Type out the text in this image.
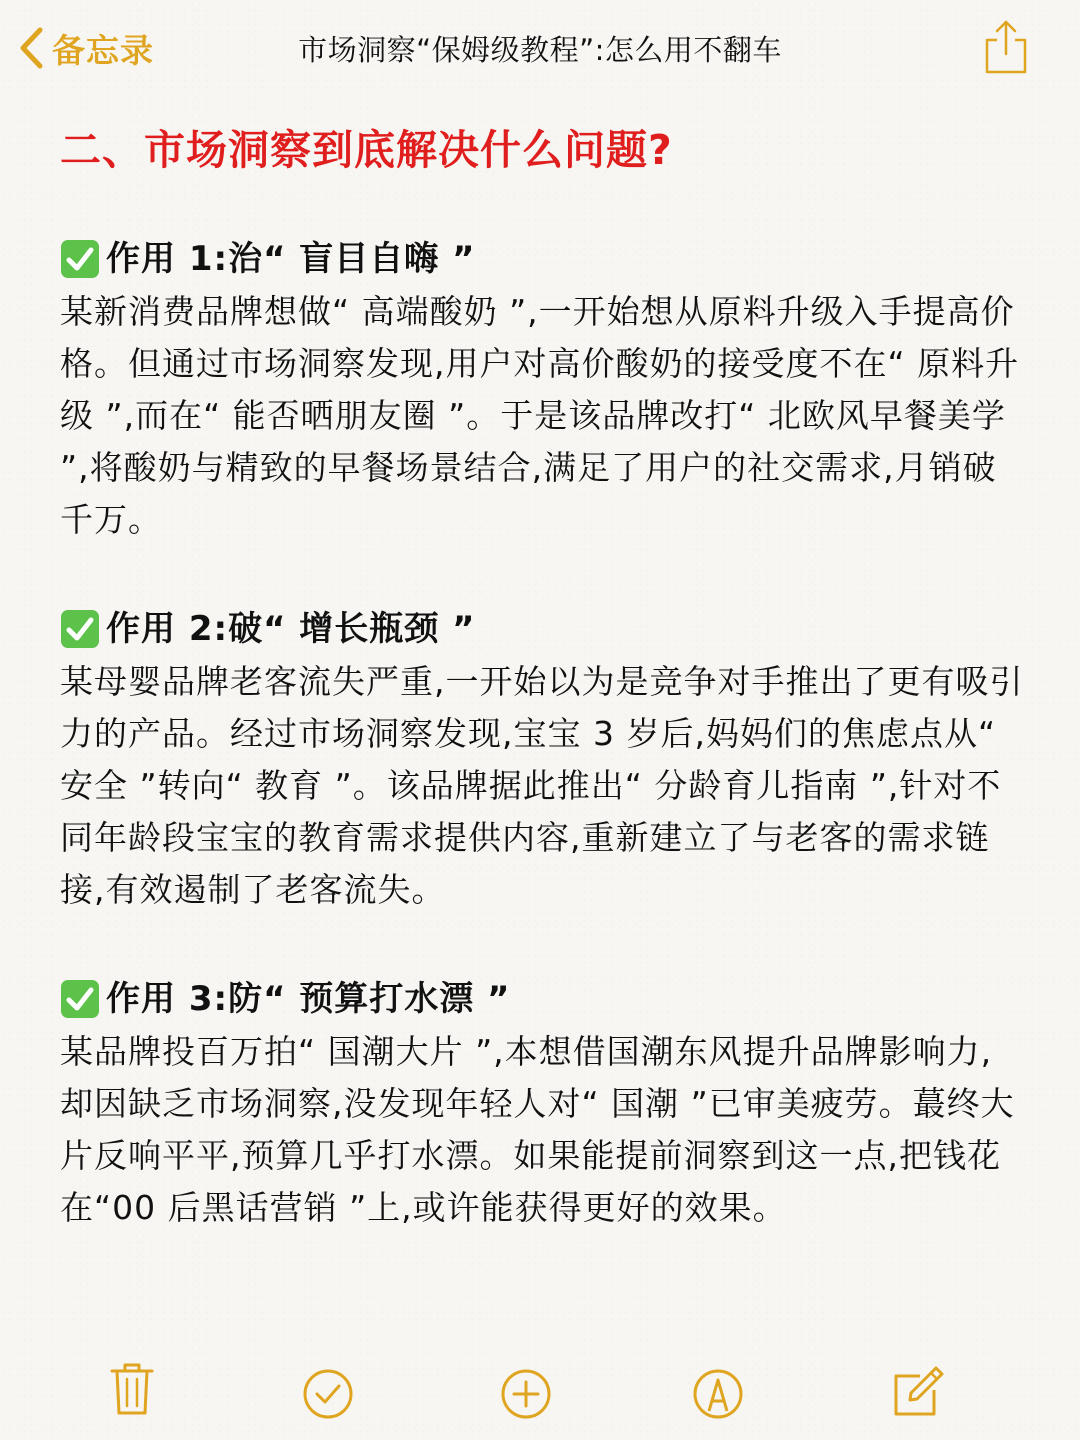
备忘录	市场洞察“保姆级教程”:怎么用不翻车
二、市场洞察到底解决什么问题?
作用 1:治“ 盲目自嗨 ”

某新消费品牌想做“ 高端酸奶 ”,一开始想从原料升级入手提高价格。但通过市场洞察发现,用户对高价酸奶的接受度不在“ 原料升级 ”,而在“ 能否晒朋友圈 ”。于是该品牌改打“ 北欧风早餐美学 ”,将酸奶与精致的早餐场景结合,满足了用户的社交需求,月销破千万。

作用 2:破“ 增长瓶颈 ”

某母婴品牌老客流失严重,一开始以为是竞争对手推出了更有吸引力的产品。经过市场洞察发现,宝宝 3 岁后,妈妈们的焦虑点从“ 安全 ”转向“ 教育 ”。该品牌据此推出“ 分龄育儿指南 ”,针对不同年龄段宝宝的教育需求提供内容,重新建立了与老客的需求链接,有效遏制了老客流失。

作用 3:防“ 预算打水漂 ”

某品牌投百万拍“ 国潮大片 ”,本想借国潮东风提升品牌影响力,却因缺乏市场洞察,没发现年轻人对“ 国潮 ”已审美疲劳。蕞终大片反响平平,预算几乎打水漂。如果能提前洞察到这一点,把钱花在“00 后黑话营销 ”上,或许能获得更好的效果。
